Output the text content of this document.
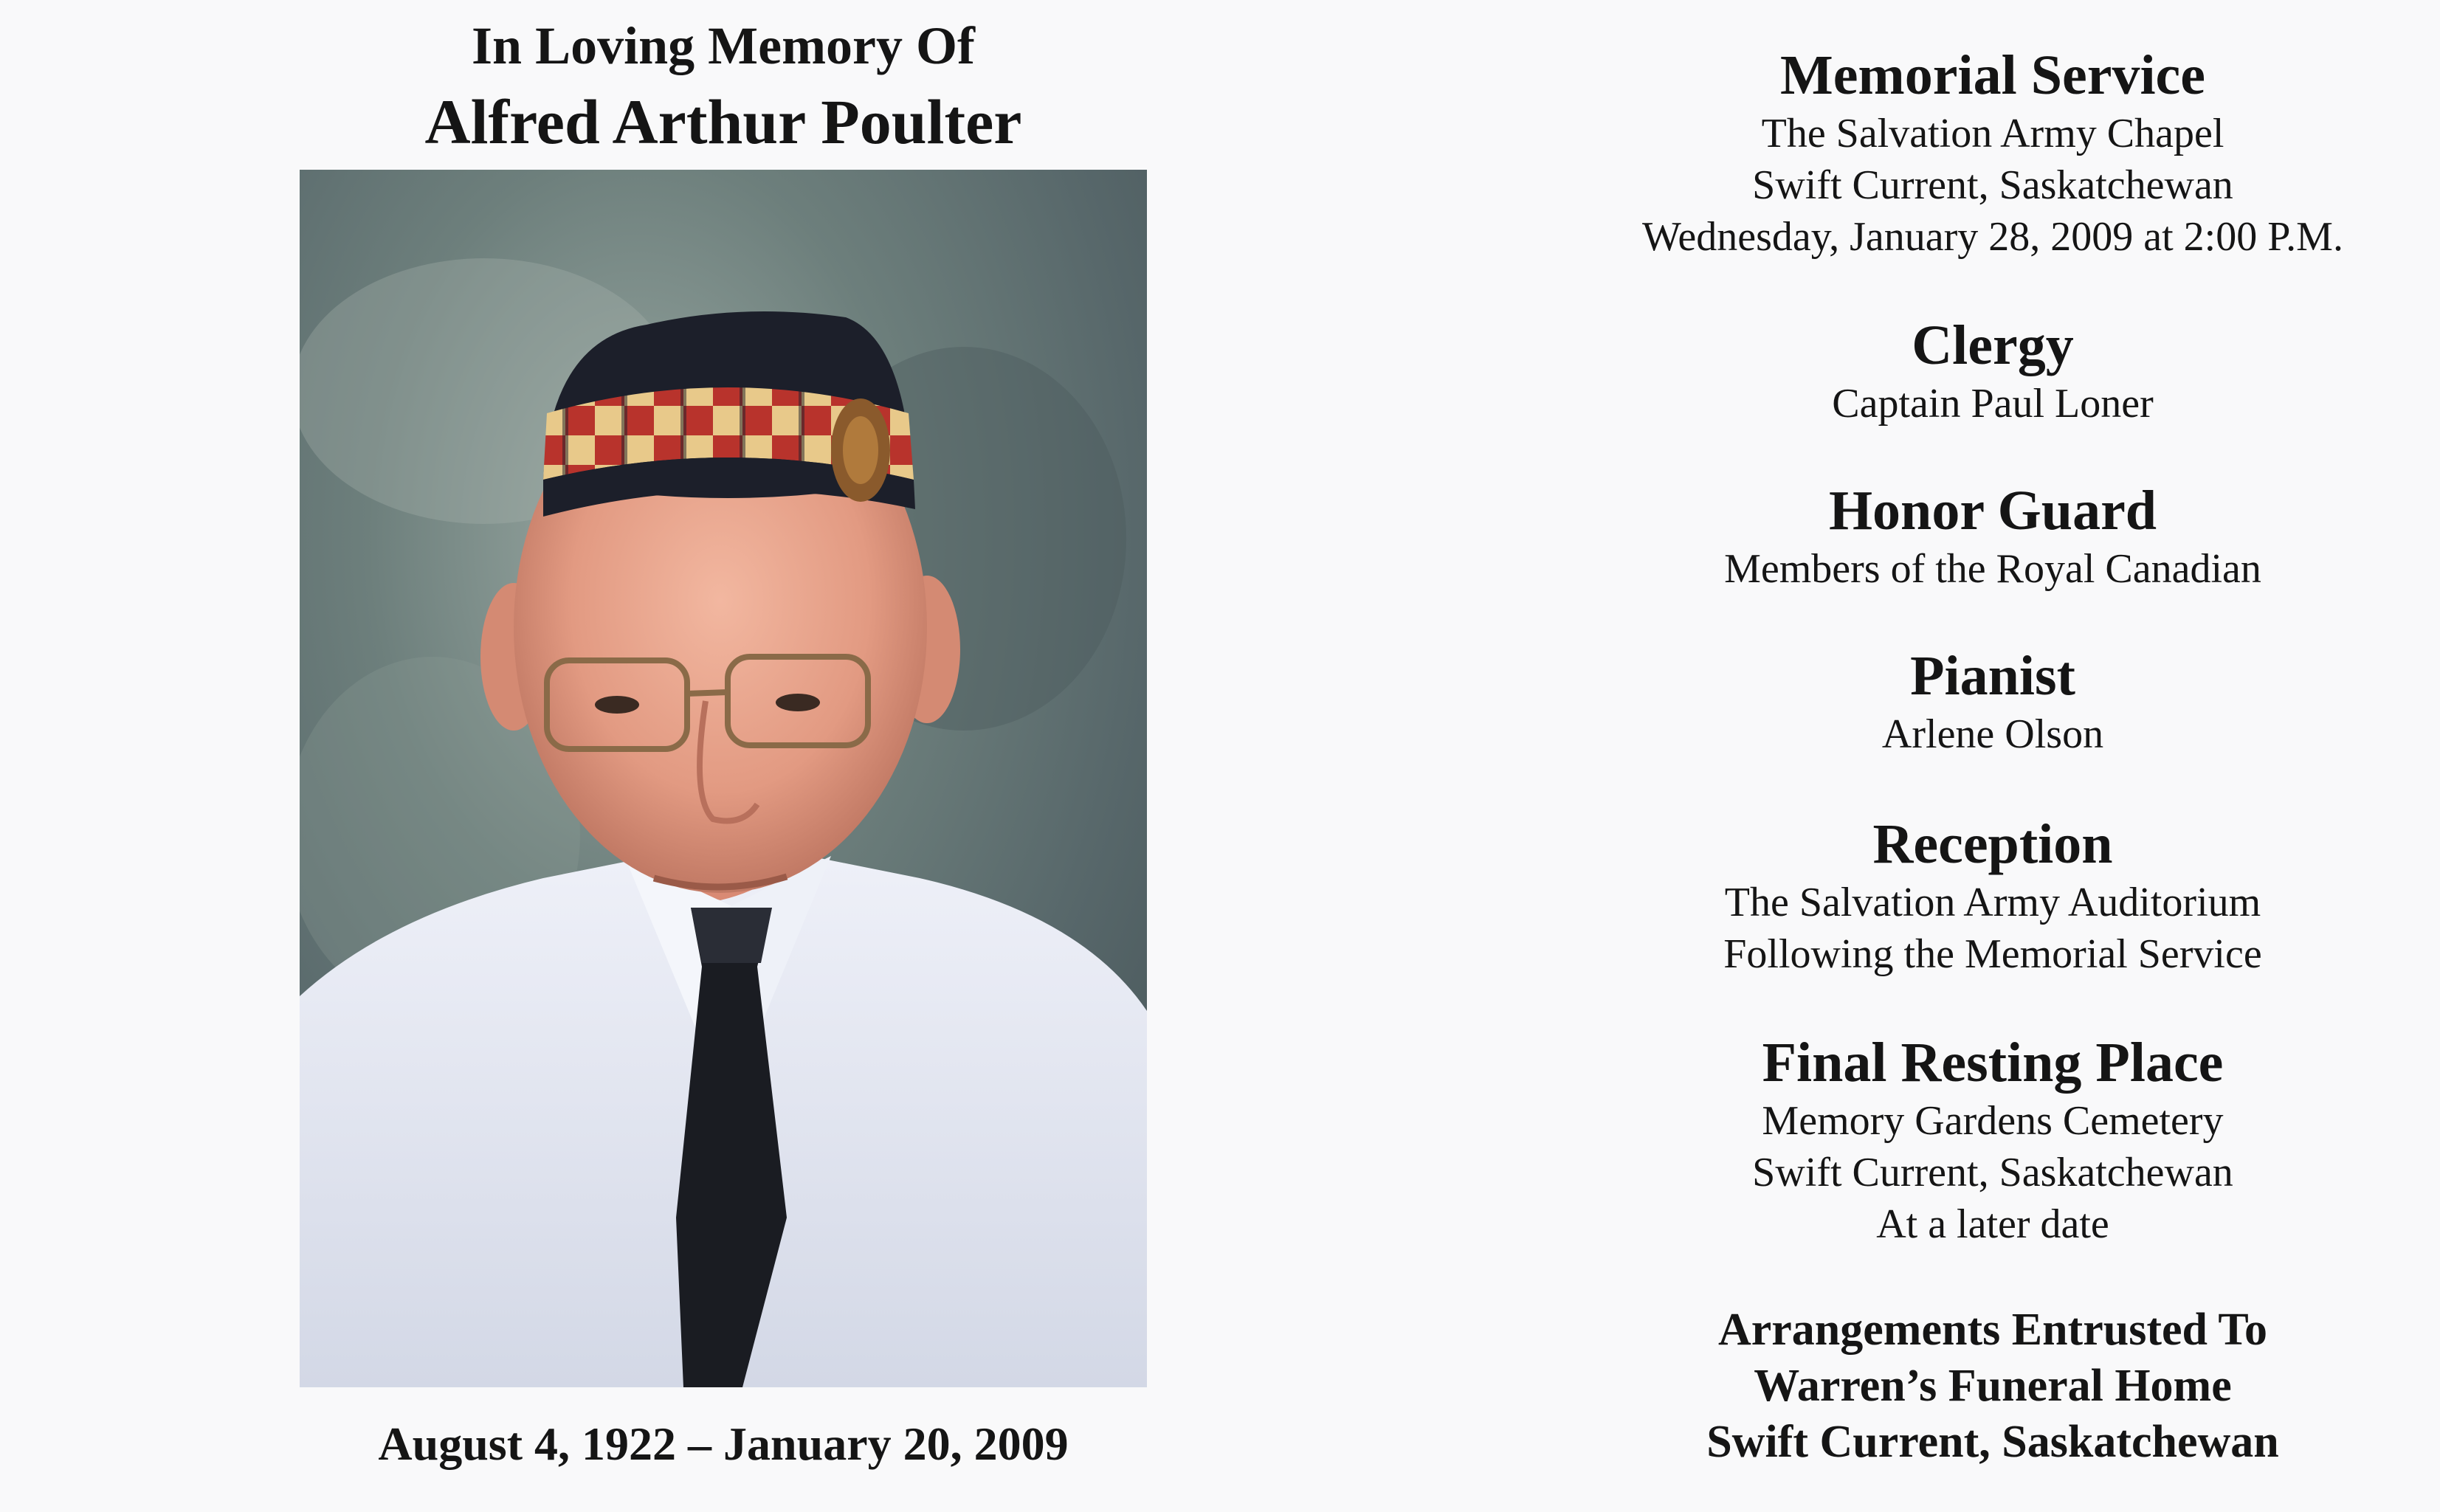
In Loving Memory Of
Alfred Arthur Poulter
August 4, 1922 – January 20, 2009
Memorial Service
The Salvation Army Chapel
Swift Current, Saskatchewan
Wednesday, January 28, 2009 at 2:00 P.M.
Clergy
Captain Paul Loner
Honor Guard
Members of the Royal Canadian
Pianist
Arlene Olson
Reception
The Salvation Army Auditorium
Following the Memorial Service
Final Resting Place
Memory Gardens Cemetery
Swift Current, Saskatchewan
At a later date
Arrangements Entrusted To
Warren’s Funeral Home
Swift Current, Saskatchewan
